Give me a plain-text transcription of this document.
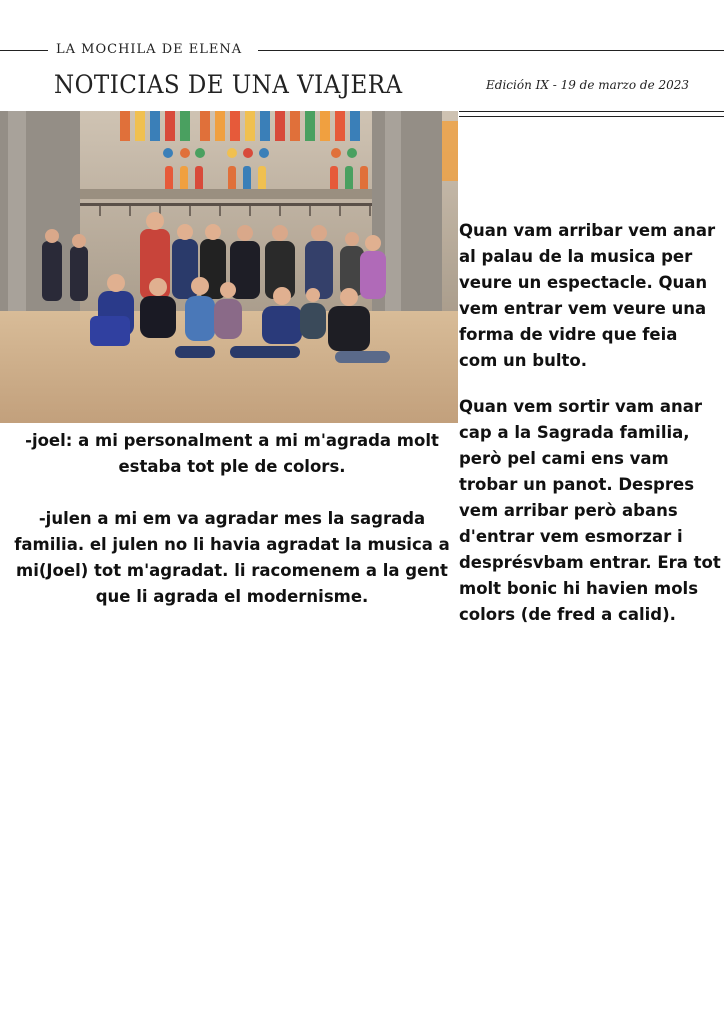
LA MOCHILA DE ELENA
NOTICIAS DE UNA VIAJERA	Edición IX - 19 de marzo de 2023

Quan vam arribar vem anar al palau de la musica per veure un espectacle. Quan vem entrar vem veure una forma de vidre que feia com un bulto.

Quan vem sortir vam anar cap a la Sagrada familia, però pel cami ens vam trobar un panot. Despres vem arribar però abans d'entrar vem esmorzar i desprésvbam entrar. Era tot molt bonic hi havien mols colors (de fred a calid).

-joel: a mi personalment a mi m'agrada molt estaba tot ple de colors.

-julen a mi em va agradar mes la sagrada familia. el julen no li havia agradat la musica a mi(Joel) tot m'agradat. li racomenem a la gent que li agrada el modernisme.
